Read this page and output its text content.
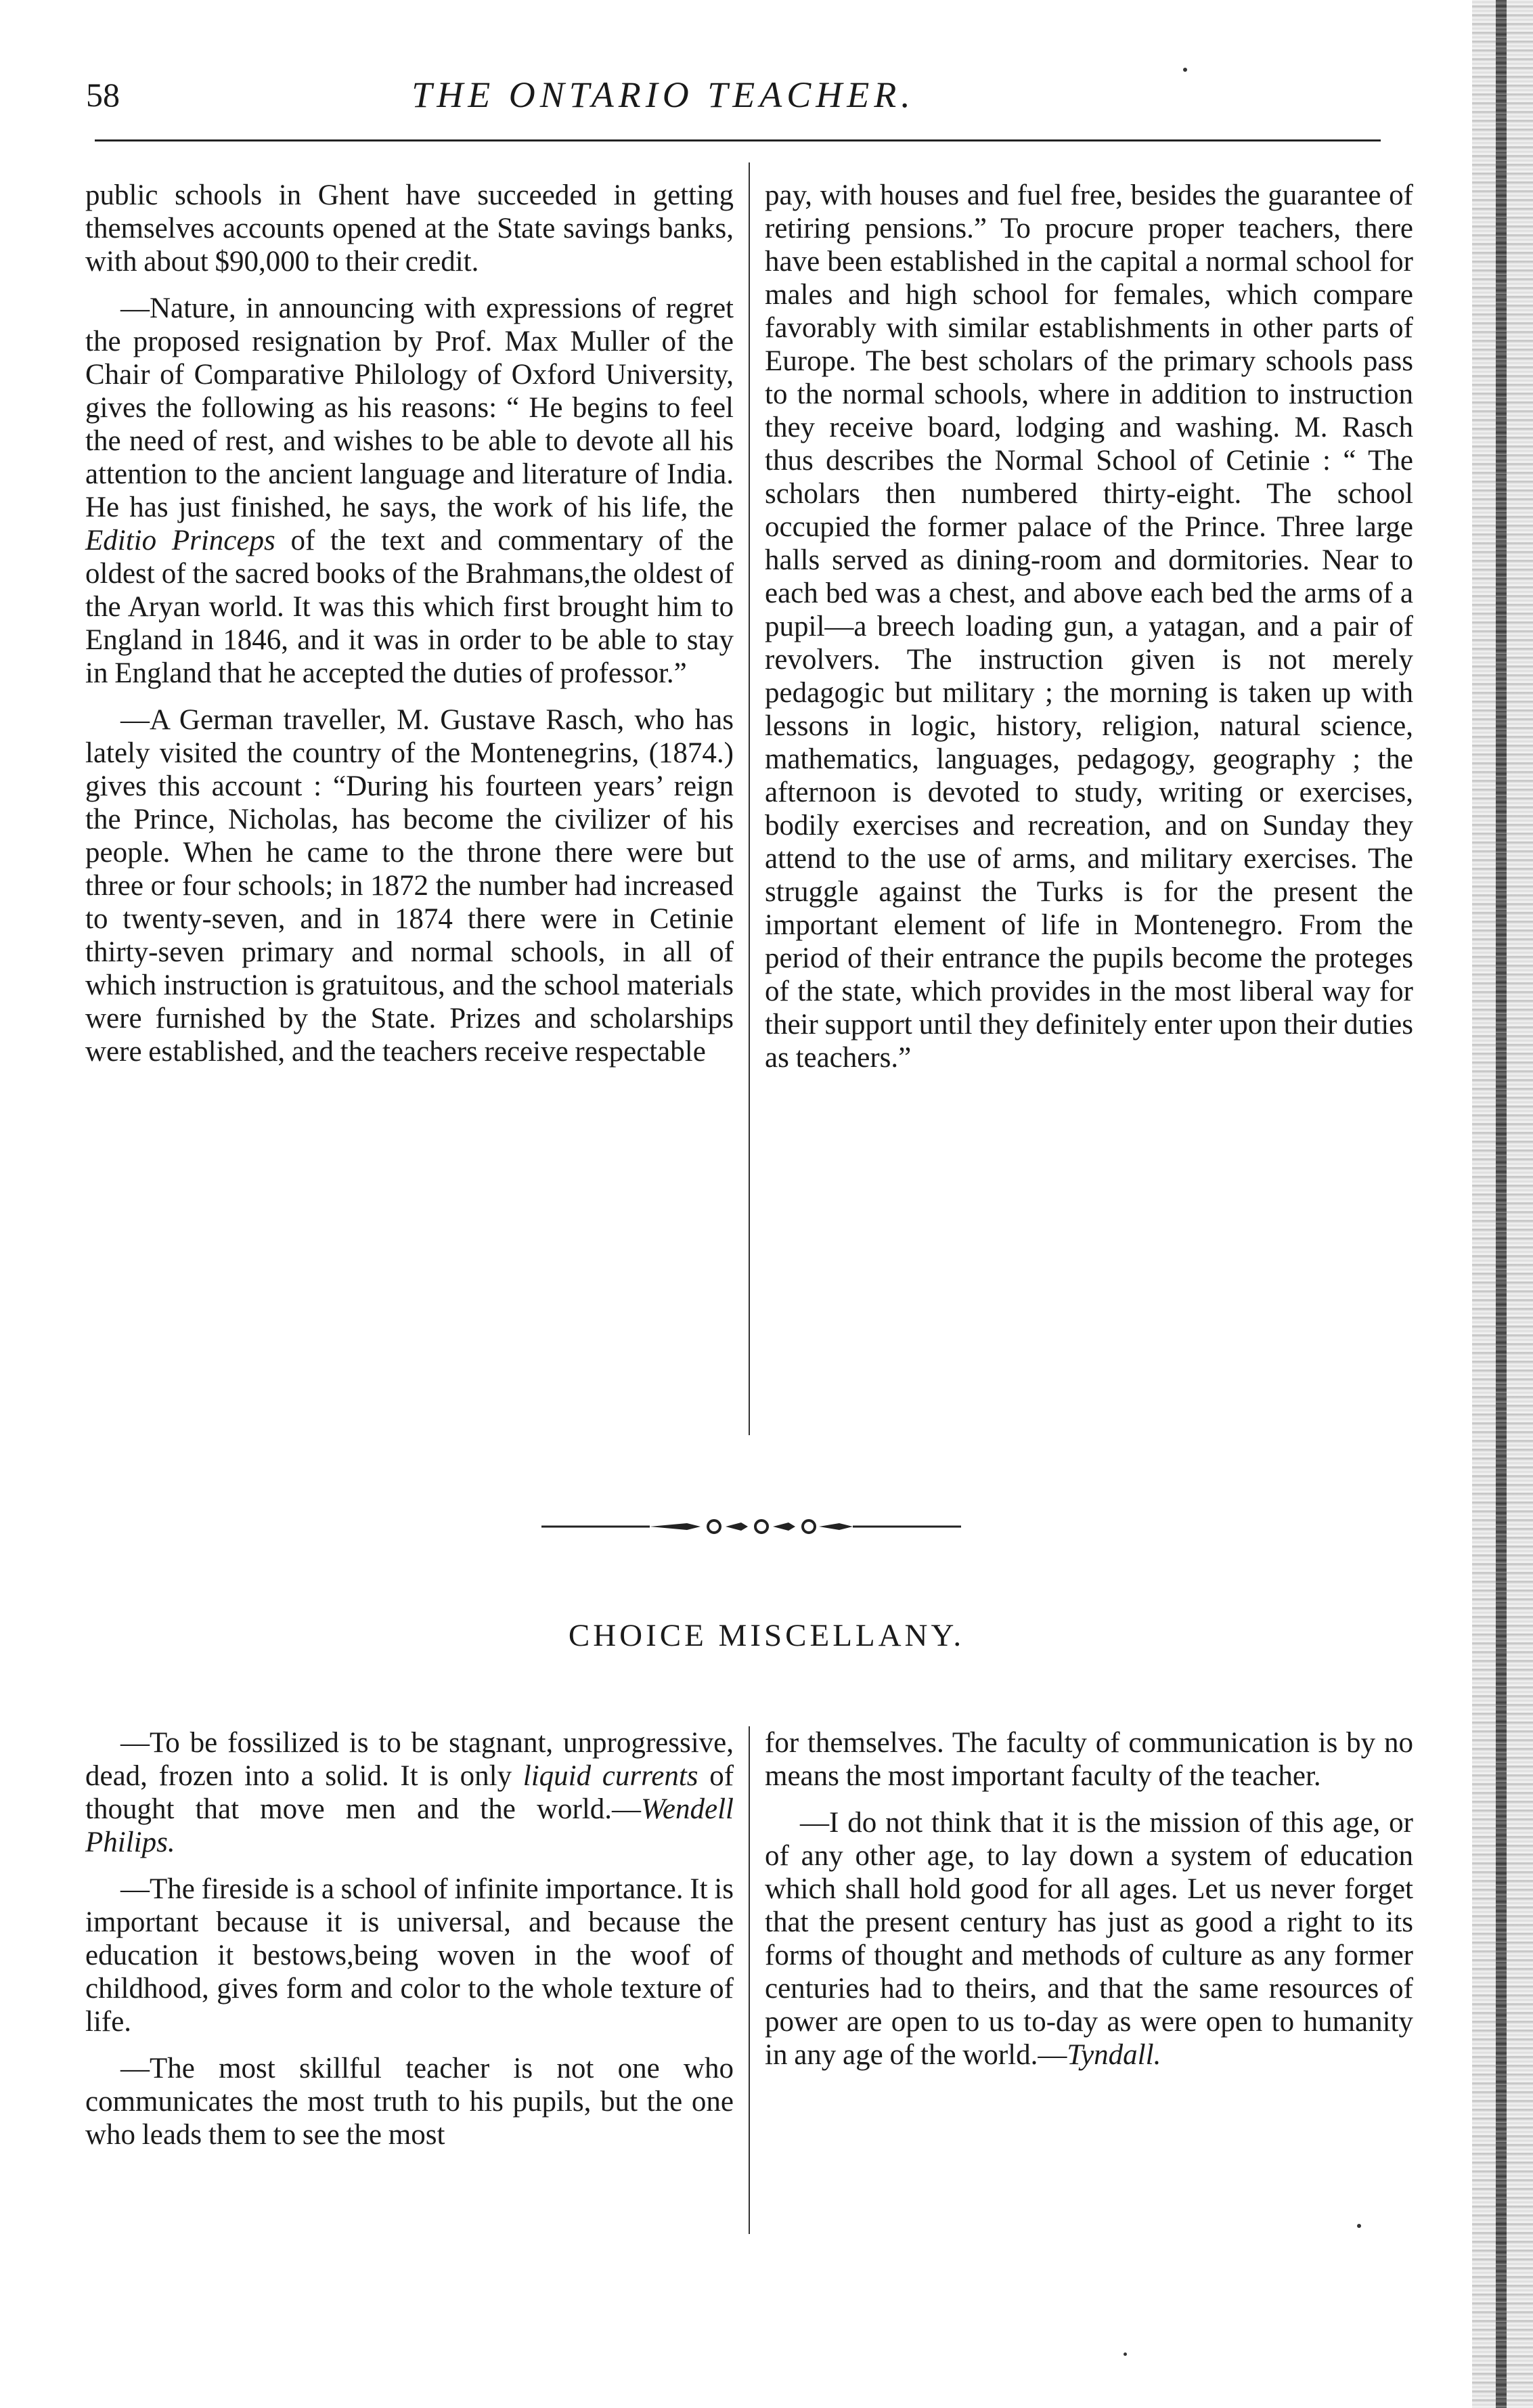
58	THE ONTARIO TEACHER.

public schools in Ghent have succeeded in getting themselves accounts opened at the State savings banks, with about $90,000 to their credit.

—Nature, in announcing with expressions of regret the proposed resignation by Prof. Max Muller of the Chair of Comparative Philology of Oxford University, gives the following as his reasons: “ He begins to feel the need of rest, and wishes to be able to devote all his attention to the ancient language and literature of India. He has just finished, he says, the work of his life, the Editio Princeps of the text and commentary of the oldest of the sacred books of the Brahmans,the oldest of the Aryan world. It was this which first brought him to England in 1846, and it was in order to be able to stay in England that he accepted the duties of professor.”

—A German traveller, M. Gustave Rasch, who has lately visited the country of the Montenegrins, (1874.) gives this account : “During his fourteen years’ reign the Prince, Nicholas, has become the civilizer of his people. When he came to the throne there were but three or four schools; in 1872 the number had increased to twenty-seven, and in 1874 there were in Cetinie thirty-seven primary and normal schools, in all of which instruction is gratuitous, and the school materials were furnished by the State. Prizes and scholarships were established, and the teachers receive respectable

pay, with houses and fuel free, besides the guarantee of retiring pensions.” To procure proper teachers, there have been established in the capital a normal school for males and high school for females, which compare favorably with similar establishments in other parts of Europe. The best scholars of the primary schools pass to the normal schools, where in addition to instruction they receive board, lodging and washing. M. Rasch thus describes the Normal School of Cetinie : “ The scholars then numbered thirty-eight. The school occupied the former palace of the Prince. Three large halls served as dining-room and dormitories. Near to each bed was a chest, and above each bed the arms of a pupil—a breech loading gun, a yatagan, and a pair of revolvers. The instruction given is not merely pedagogic but military ; the morning is taken up with lessons in logic, history, religion, natural science, mathematics, languages, pedagogy, geography ; the afternoon is devoted to study, writing or exercises, bodily exercises and recreation, and on Sunday they attend to the use of arms, and military exercises. The struggle against the Turks is for the present the important element of life in Montenegro. From the period of their entrance the pupils become the proteges of the state, which provides in the most liberal way for their support until they definitely enter upon their duties as teachers.”

CHOICE MISCELLANY.

—To be fossilized is to be stagnant, unprogressive, dead, frozen into a solid. It is only liquid currents of thought that move men and the world.—Wendell Philips.

—The fireside is a school of infinite importance. It is important because it is universal, and because the education it bestows,being woven in the woof of childhood, gives form and color to the whole texture of life.

—The most skillful teacher is not one who communicates the most truth to his pupils, but the one who leads them to see the most

for themselves. The faculty of communication is by no means the most important faculty of the teacher.

—I do not think that it is the mission of this age, or of any other age, to lay down a system of education which shall hold good for all ages. Let us never forget that the present century has just as good a right to its forms of thought and methods of culture as any former centuries had to theirs, and that the same resources of power are open to us to-day as were open to humanity in any age of the world.—Tyndall.
